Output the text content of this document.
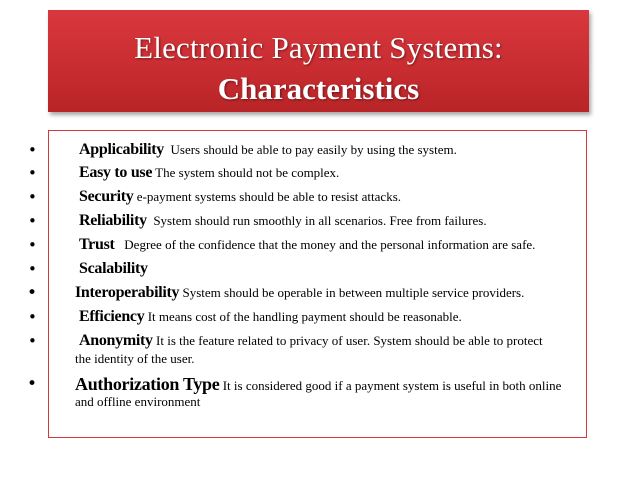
Electronic Payment Systems:
Characteristics
•	Applicability Users should be able to pay easily by using the system.
•	Easy to use The system should not be complex.
•	Security e-payment systems should be able to resist attacks.
•	Reliability System should run smoothly in all scenarios. Free from failures.
•	Trust Degree of the confidence that the money and the personal information are safe.
•	Scalability
• Interoperability System should be operable in between multiple service providers.
•	Efficiency It means cost of the handling payment should be reasonable.
•	Anonymity It is the feature related to privacy of user. System should be able to protect
the identity of the user.
• Authorization Type It is considered good if a payment system is useful in both online
and offline environment
